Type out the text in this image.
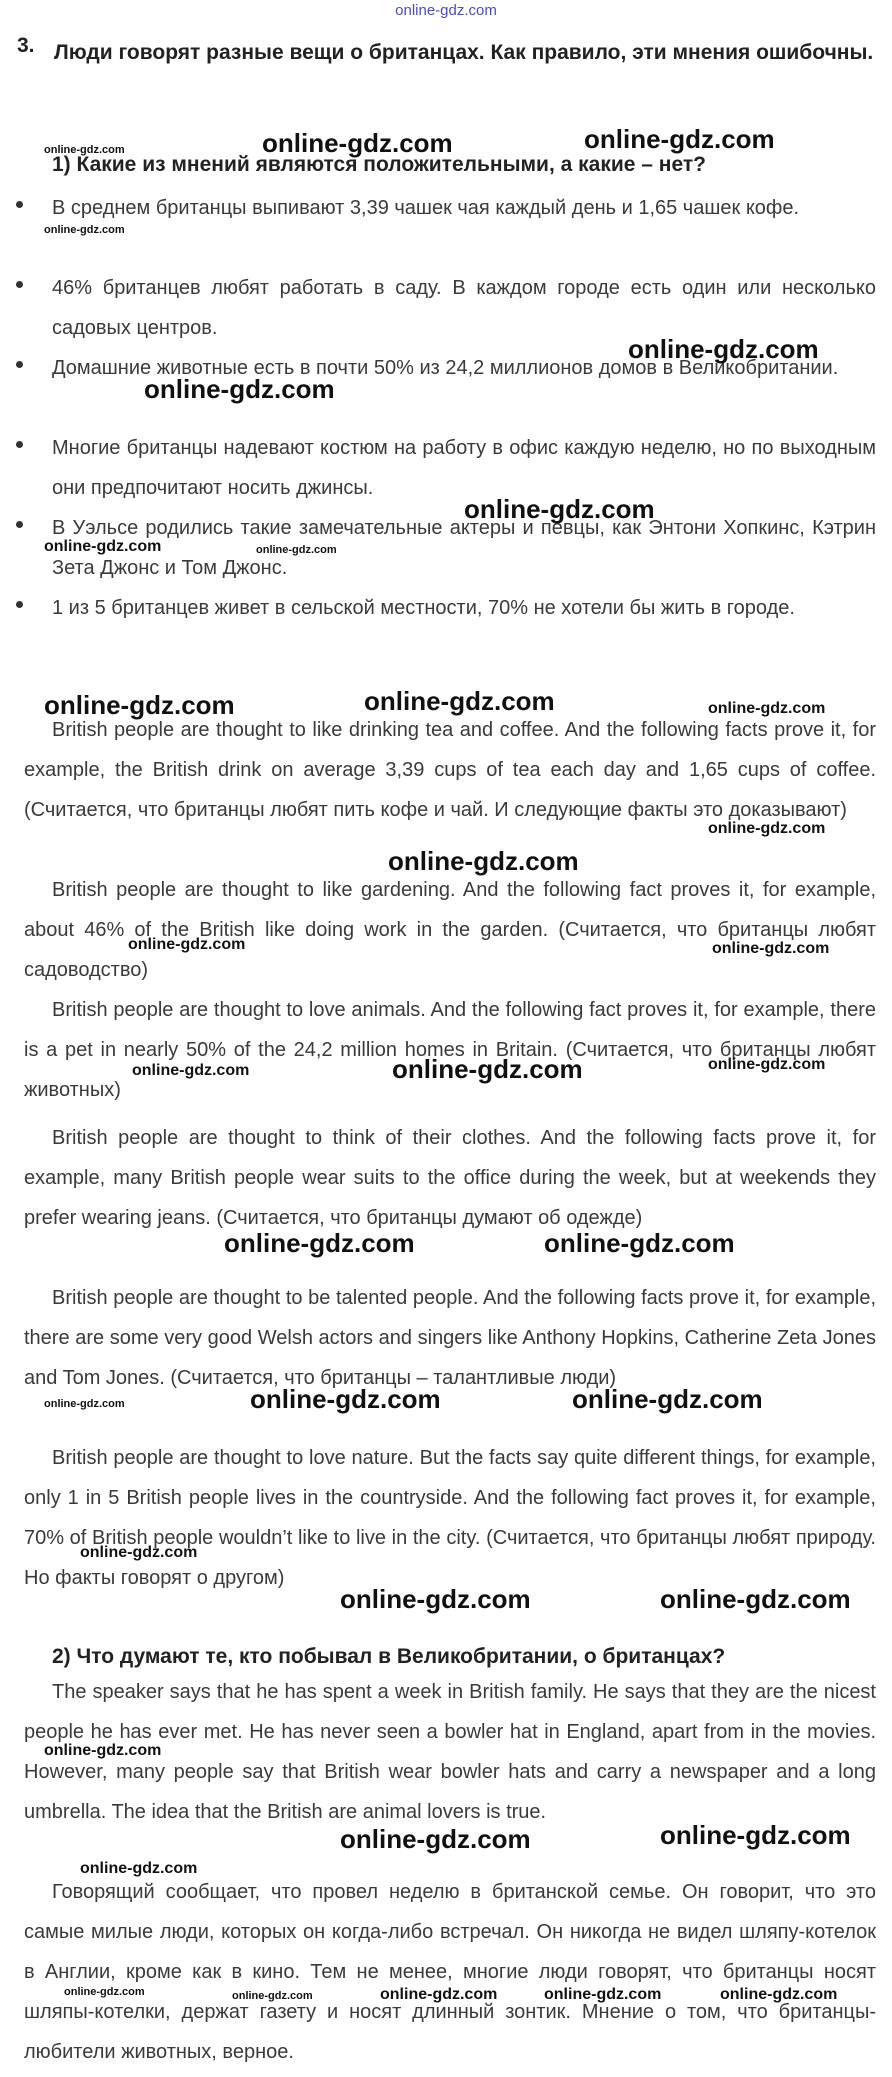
online-gdz.com
3. Люди говорят разные вещи о британцах. Как правило, эти мнения ошибочны.
1) Какие из мнений являются положительными, а какие – нет?
В среднем британцы выпивают 3,39 чашек чая каждый день и 1,65 чашек кофе.
46% британцев любят работать в саду. В каждом городе есть один или несколько садовых центров.
Домашние животные есть в почти 50% из 24,2 миллионов домов в Великобритании.
Многие британцы надевают костюм на работу в офис каждую неделю, но по выходным они предпочитают носить джинсы.
В Уэльсе родились такие замечательные актеры и певцы, как Энтони Хопкинс, Кэтрин Зета Джонс и Том Джонс.
1 из 5 британцев живет в сельской местности, 70% не хотели бы жить в городе.
British people are thought to like drinking tea and coffee. And the following facts prove it, for example, the British drink on average 3,39 cups of tea each day and 1,65 cups of coffee. (Считается, что британцы любят пить кофе и чай. И следующие факты это доказывают)
British people are thought to like gardening. And the following fact proves it, for example, about 46% of the British like doing work in the garden. (Считается, что британцы любят садоводство)
British people are thought to love animals. And the following fact proves it, for example, there is a pet in nearly 50% of the 24,2 million homes in Britain. (Считается, что британцы любят животных)
British people are thought to think of their clothes. And the following facts prove it, for example, many British people wear suits to the office during the week, but at weekends they prefer wearing jeans. (Считается, что британцы думают об одежде)
British people are thought to be talented people. And the following facts prove it, for example, there are some very good Welsh actors and singers like Anthony Hopkins, Catherine Zeta Jones and Tom Jones. (Считается, что британцы – талантливые люди)
British people are thought to love nature. But the facts say quite different things, for example, only 1 in 5 British people lives in the countryside. And the following fact proves it, for example, 70% of British people wouldn’t like to live in the city. (Считается, что британцы любят природу. Но факты говорят о другом)
2) Что думают те, кто побывал в Великобритании, о британцах?
The speaker says that he has spent a week in British family. He says that they are the nicest people he has ever met. He has never seen a bowler hat in England, apart from in the movies. However, many people say that British wear bowler hats and carry a newspaper and a long umbrella. The idea that the British are animal lovers is true.
Говорящий сообщает, что провел неделю в британской семье. Он говорит, что это самые милые люди, которых он когда-либо встречал. Он никогда не видел шляпу-котелок в Англии, кроме как в кино. Тем не менее, многие люди говорят, что британцы носят шляпы-котелки, держат газету и носят длинный зонтик. Мнение о том, что британцы-любители животных, верное.
online-gdz.com	online-gdz.com	online-gdz.com
online-gdz.com
online-gdz.com
online-gdz.com
online-gdz.com
online-gdz.com	online-gdz.com
online-gdz.com	online-gdz.com	online-gdz.com
online-gdz.com
online-gdz.com
online-gdz.com	online-gdz.com
online-gdz.com
online-gdz.com	online-gdz.com
online-gdz.com	online-gdz.com
online-gdz.com	online-gdz.com	online-gdz.com
online-gdz.com
online-gdz.com	online-gdz.com
online-gdz.com
online-gdz.com	online-gdz.com
online-gdz.com
online-gdz.com	online-gdz.com	online-gdz.com	online-gdz.com	online-gdz.com
